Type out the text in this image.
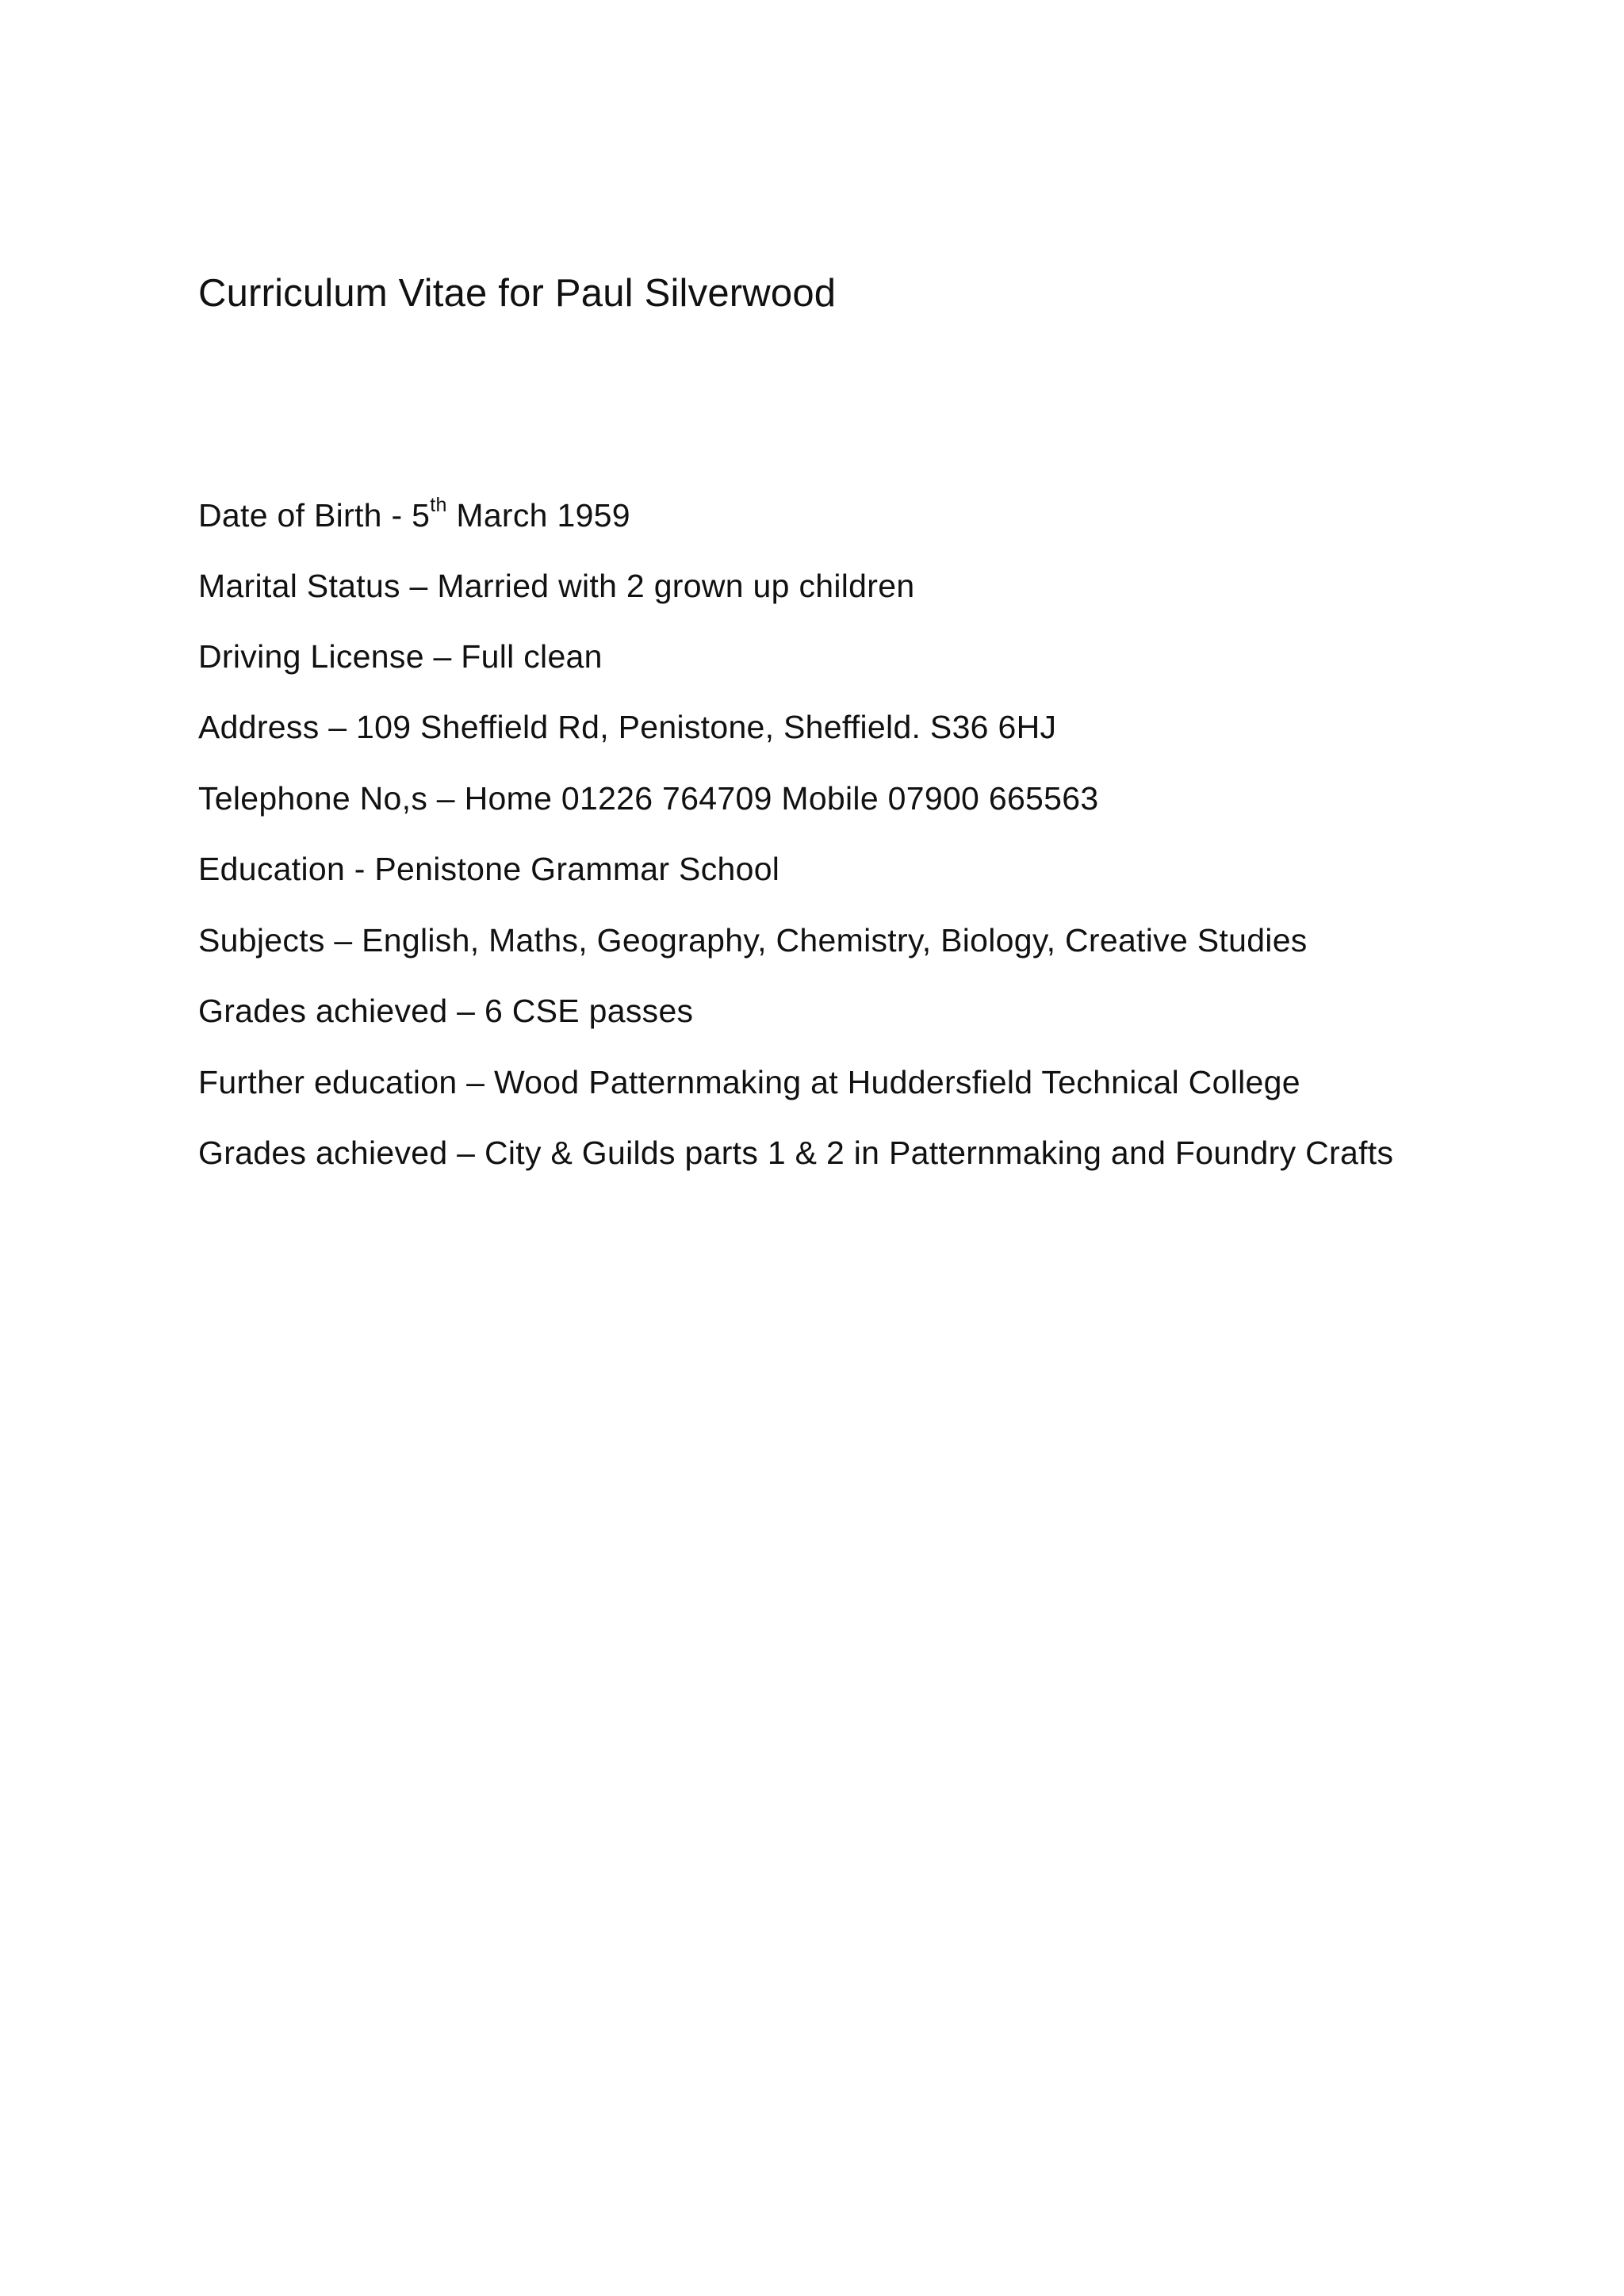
Curriculum Vitae for Paul Silverwood
Date of Birth - 5th March 1959
Marital Status – Married with 2 grown up children
Driving License – Full clean
Address – 109 Sheffield Rd, Penistone, Sheffield. S36 6HJ
Telephone No,s – Home 01226 764709 Mobile 07900 665563
Education - Penistone Grammar School
Subjects – English, Maths, Geography, Chemistry, Biology, Creative Studies
Grades achieved – 6 CSE passes
Further education – Wood Patternmaking at Huddersfield Technical College
Grades achieved – City & Guilds parts 1 & 2 in Patternmaking and Foundry Crafts
